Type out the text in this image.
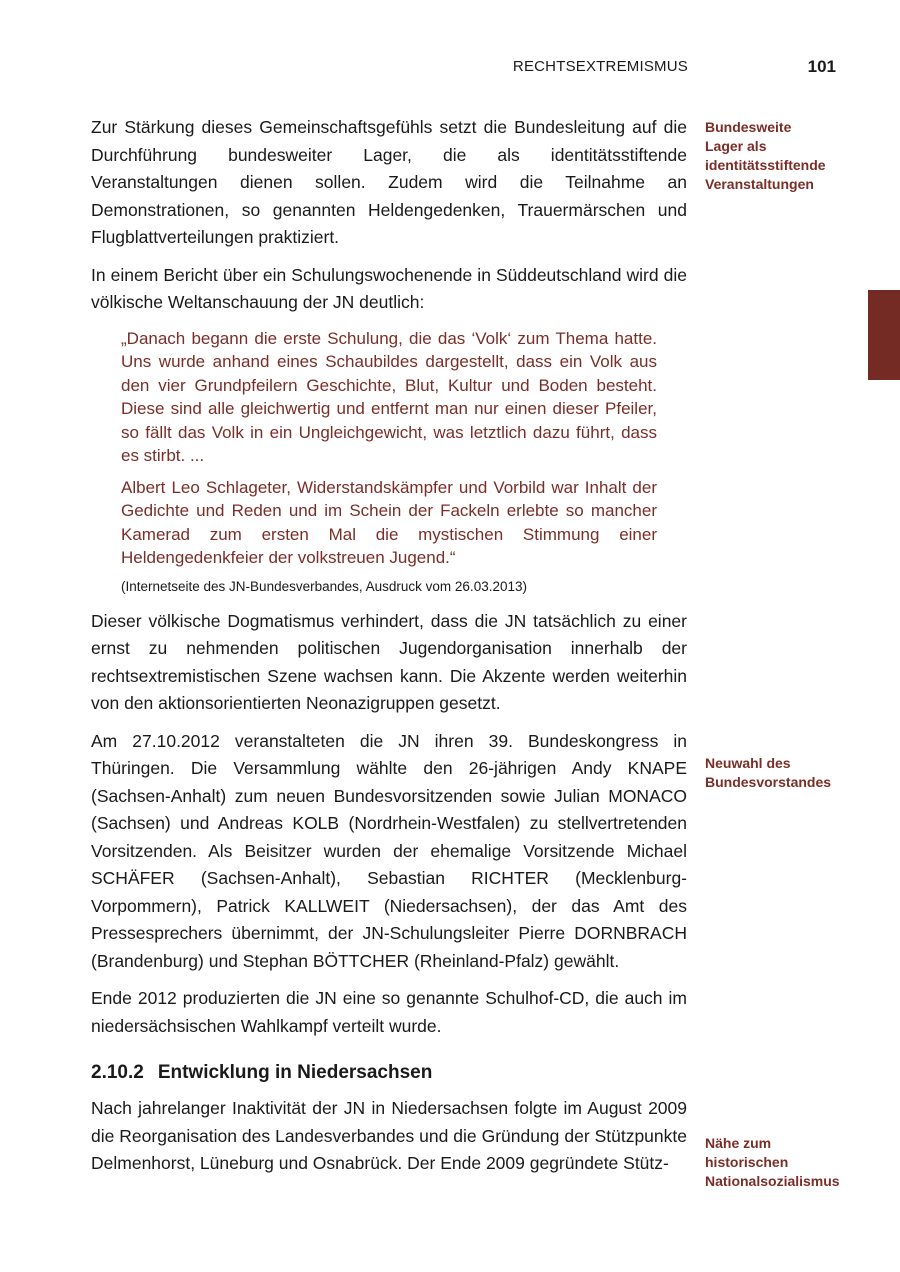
RECHTSEXTREMISMUS	101
Bundesweite
Lager als
identitätsstiftende
Veranstaltungen
Neuwahl des
Bundesvorstandes
Nähe zum
historischen
Nationalsozialismus

Zur Stärkung dieses Gemeinschaftsgefühls setzt die Bundesleitung auf die Durchführung bundesweiter Lager, die als identitätsstiftende Veranstaltungen dienen sollen. Zudem wird die Teilnahme an Demonstrationen, so genannten Heldengedenken, Trauermärschen und Flugblattverteilungen praktiziert.

In einem Bericht über ein Schulungswochenende in Süddeutschland wird die völkische Weltanschauung der JN deutlich:

„Danach begann die erste Schulung, die das ‘Volk‘ zum Thema hatte. Uns wurde anhand eines Schaubildes dargestellt, dass ein Volk aus den vier Grundpfeilern Geschichte, Blut, Kultur und Boden besteht. Diese sind alle gleichwertig und entfernt man nur einen dieser Pfeiler, so fällt das Volk in ein Ungleichgewicht, was letztlich dazu führt, dass es stirbt. ...

Albert Leo Schlageter, Widerstandskämpfer und Vorbild war Inhalt der Gedichte und Reden und im Schein der Fackeln erlebte so mancher Kamerad zum ersten Mal die mystischen Stimmung einer Heldengedenkfeier der volkstreuen Jugend.“

(Internetseite des JN-Bundesverbandes, Ausdruck vom 26.03.2013)

Dieser völkische Dogmatismus verhindert, dass die JN tatsächlich zu einer ernst zu nehmenden politischen Jugendorganisation innerhalb der rechtsextremistischen Szene wachsen kann. Die Akzente werden weiterhin von den aktionsorientierten Neonazigruppen gesetzt.

Am 27.10.2012 veranstalteten die JN ihren 39. Bundeskongress in Thüringen. Die Versammlung wählte den 26-jährigen Andy KNAPE (Sachsen-Anhalt) zum neuen Bundesvorsitzenden sowie Julian MONACO (Sachsen) und Andreas KOLB (Nordrhein-Westfalen) zu stellvertretenden Vorsitzenden. Als Beisitzer wurden der ehemalige Vorsitzende Michael SCHÄFER (Sachsen-Anhalt), Sebastian RICHTER (Mecklenburg-Vorpommern), Patrick KALLWEIT (Niedersachsen), der das Amt des Pressesprechers übernimmt, der JN-Schulungsleiter Pierre DORNBRACH (Brandenburg) und Stephan BÖTTCHER (Rheinland-Pfalz) gewählt.

Ende 2012 produzierten die JN eine so genannte Schulhof-CD, die auch im niedersächsischen Wahlkampf verteilt wurde.

2.10.2 Entwicklung in Niedersachsen

Nach jahrelanger Inaktivität der JN in Niedersachsen folgte im August 2009 die Reorganisation des Landesverbandes und die Gründung der Stützpunkte Delmenhorst, Lüneburg und Osnabrück. Der Ende 2009 gegründete Stütz-
